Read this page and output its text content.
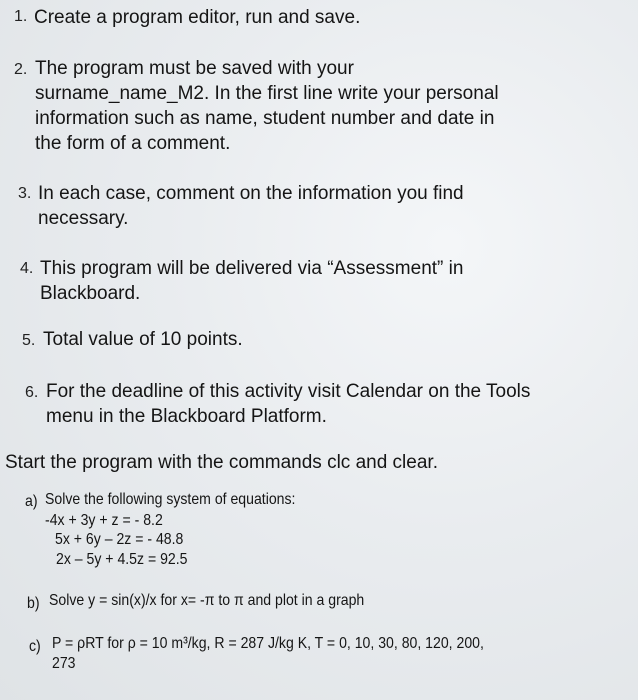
1. Create a program editor, run and save.
2. The program must be saved with your
surname_name_M2. In the first line write your personal
information such as name, student number and date in
the form of a comment.
3. In each case, comment on the information you find
necessary.
4. This program will be delivered via “Assessment” in
Blackboard.
5. Total value of 10 points.
6. For the deadline of this activity visit Calendar on the Tools
menu in the Blackboard Platform.
Start the program with the commands clc and clear.
a) Solve the following system of equations:
-4x + 3y + z = - 8.2
5x + 6y – 2z = - 48.8
2x – 5y + 4.5z = 92.5
b) Solve y = sin(x)/x for x= -π to π and plot in a graph
c) P = ρRT for ρ = 10 m³/kg, R = 287 J/kg K, T = 0, 10, 30, 80, 120, 200,
273
